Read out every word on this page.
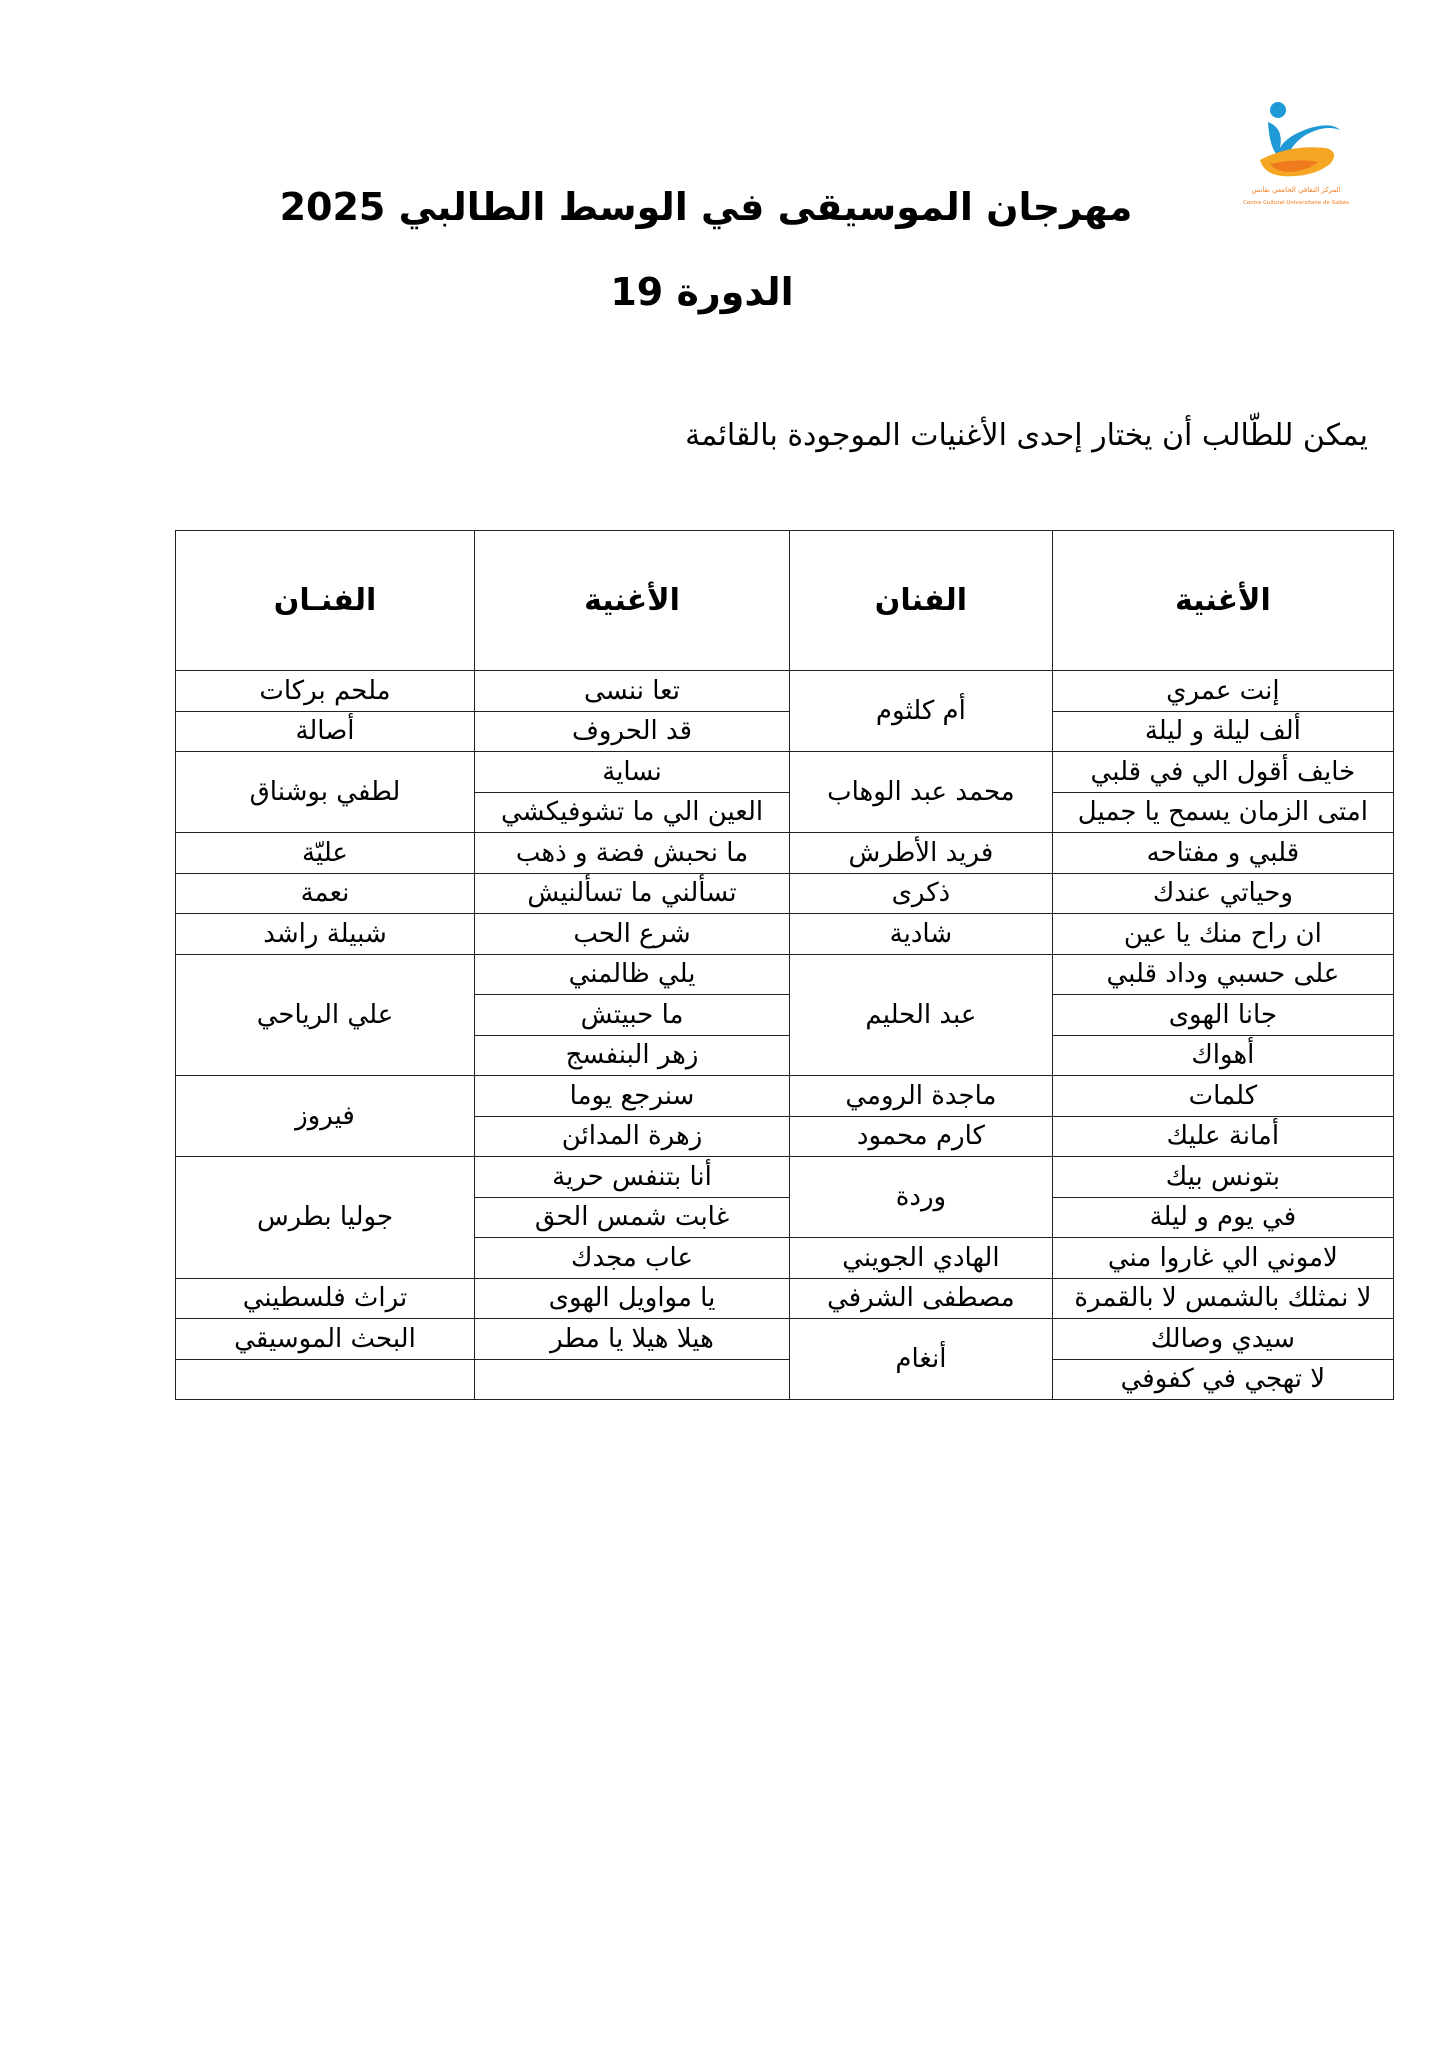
المركز الثقافي الجامعي بقابس
Centre Culturel Universitaire de Gabès
مهرجان الموسيقى في الوسط الطالبي 2025
الدورة 19

يمكن للطّالب أن يختار إحدى الأغنيات الموجودة بالقائمة

الأغنية	الفنان	الأغنية	الفنـان
إنت عمري	أم كلثوم	تعا ننسى	ملحم بركات
ألف ليلة و ليلة		قد الحروف	أصالة
خايف أقول الي في قلبي	محمد عبد الوهاب	نساية	لطفي بوشناق
امتى الزمان يسمح يا جميل		العين الي ما تشوفيكشي	
قلبي و مفتاحه	فريد الأطرش	ما نحبش فضة و ذهب	عليّة
وحياتي عندك	ذكرى	تسألني ما تسألنيش	نعمة
ان راح منك يا عين	شادية	شرع الحب	شبيلة راشد
على حسبي وداد قلبي	عبد الحليم	يلي ظالمني	علي الرياحي
جانا الهوى		ما حبيتش	
أهواك		زهر البنفسج	
كلمات	ماجدة الرومي	سنرجع يوما	فيروز
أمانة عليك	كارم محمود	زهرة المدائن	
بتونس بيك	وردة	أنا بتنفس حرية	جوليا بطرس
في يوم و ليلة		غابت شمس الحق	
لاموني الي غاروا مني	الهادي الجويني	عاب مجدك	
لا نمثلك بالشمس لا بالقمرة	مصطفى الشرفي	يا مواويل الهوى	تراث فلسطيني
سيدي وصالك	أنغام	هيلا هيلا يا مطر	البحث الموسيقي
لا تهجي في كفوفي			
